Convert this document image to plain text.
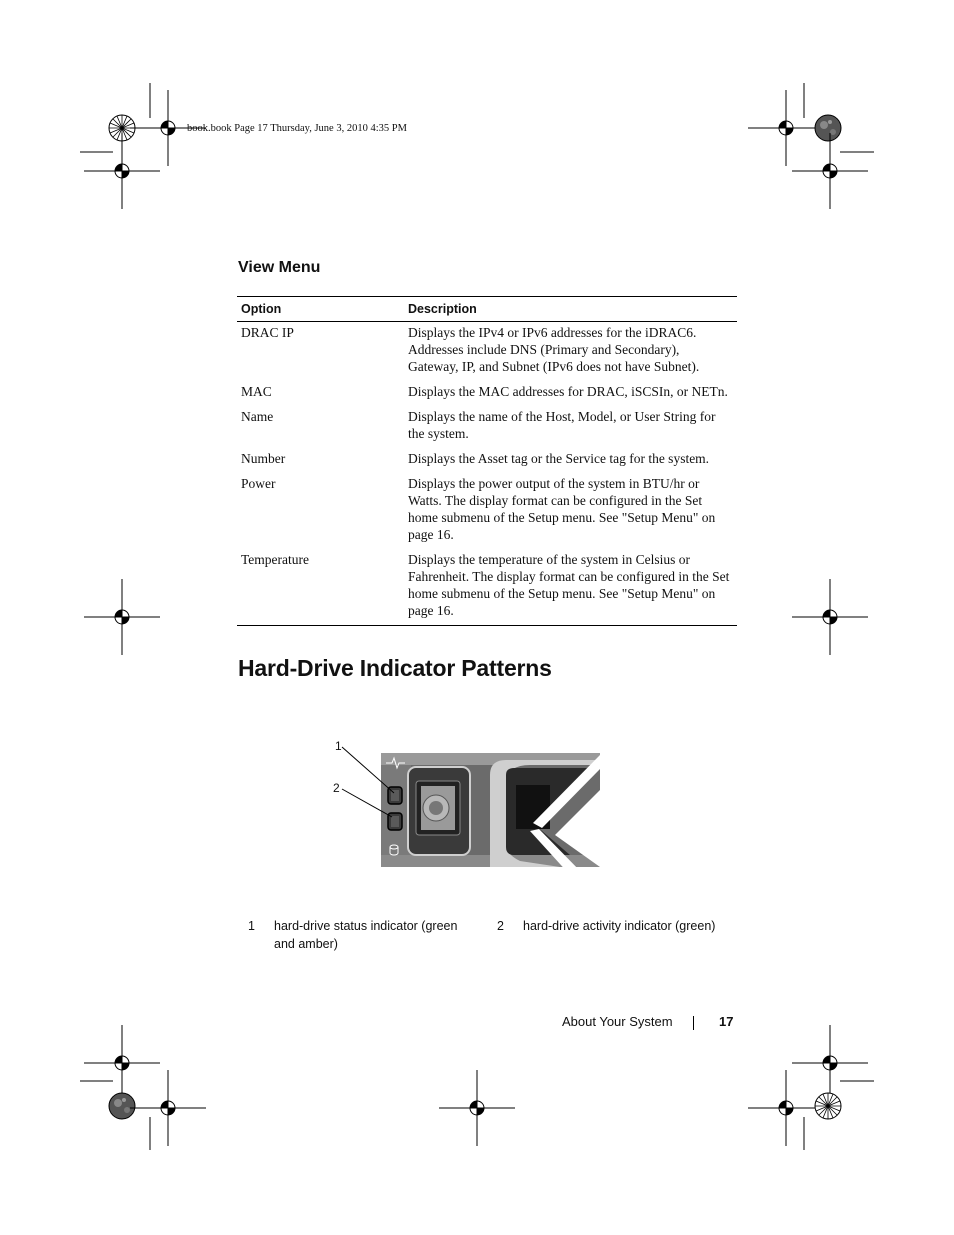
book.book Page 17 Thursday, June 3, 2010 4:35 PM
View Menu
Option	Description
DRAC IP	Displays the IPv4 or IPv6 addresses for the iDRAC6. Addresses include DNS (Primary and Secondary), Gateway, IP, and Subnet (IPv6 does not have Subnet).
MAC	Displays the MAC addresses for DRAC, iSCSIn, or NETn.
Name	Displays the name of the Host, Model, or User String for the system.
Number	Displays the Asset tag or the Service tag for the system.
Power	Displays the power output of the system in BTU/hr or Watts. The display format can be configured in the Set home submenu of the Setup menu. See "Setup Menu" on page 16.
Temperature	Displays the temperature of the system in Celsius or Fahrenheit. The display format can be configured in the Set home submenu of the Setup menu. See "Setup Menu" on page 16.
Hard-Drive Indicator Patterns
1
2
1 hard-drive status indicator (green and amber)
2 hard-drive activity indicator (green)
About Your System	17
